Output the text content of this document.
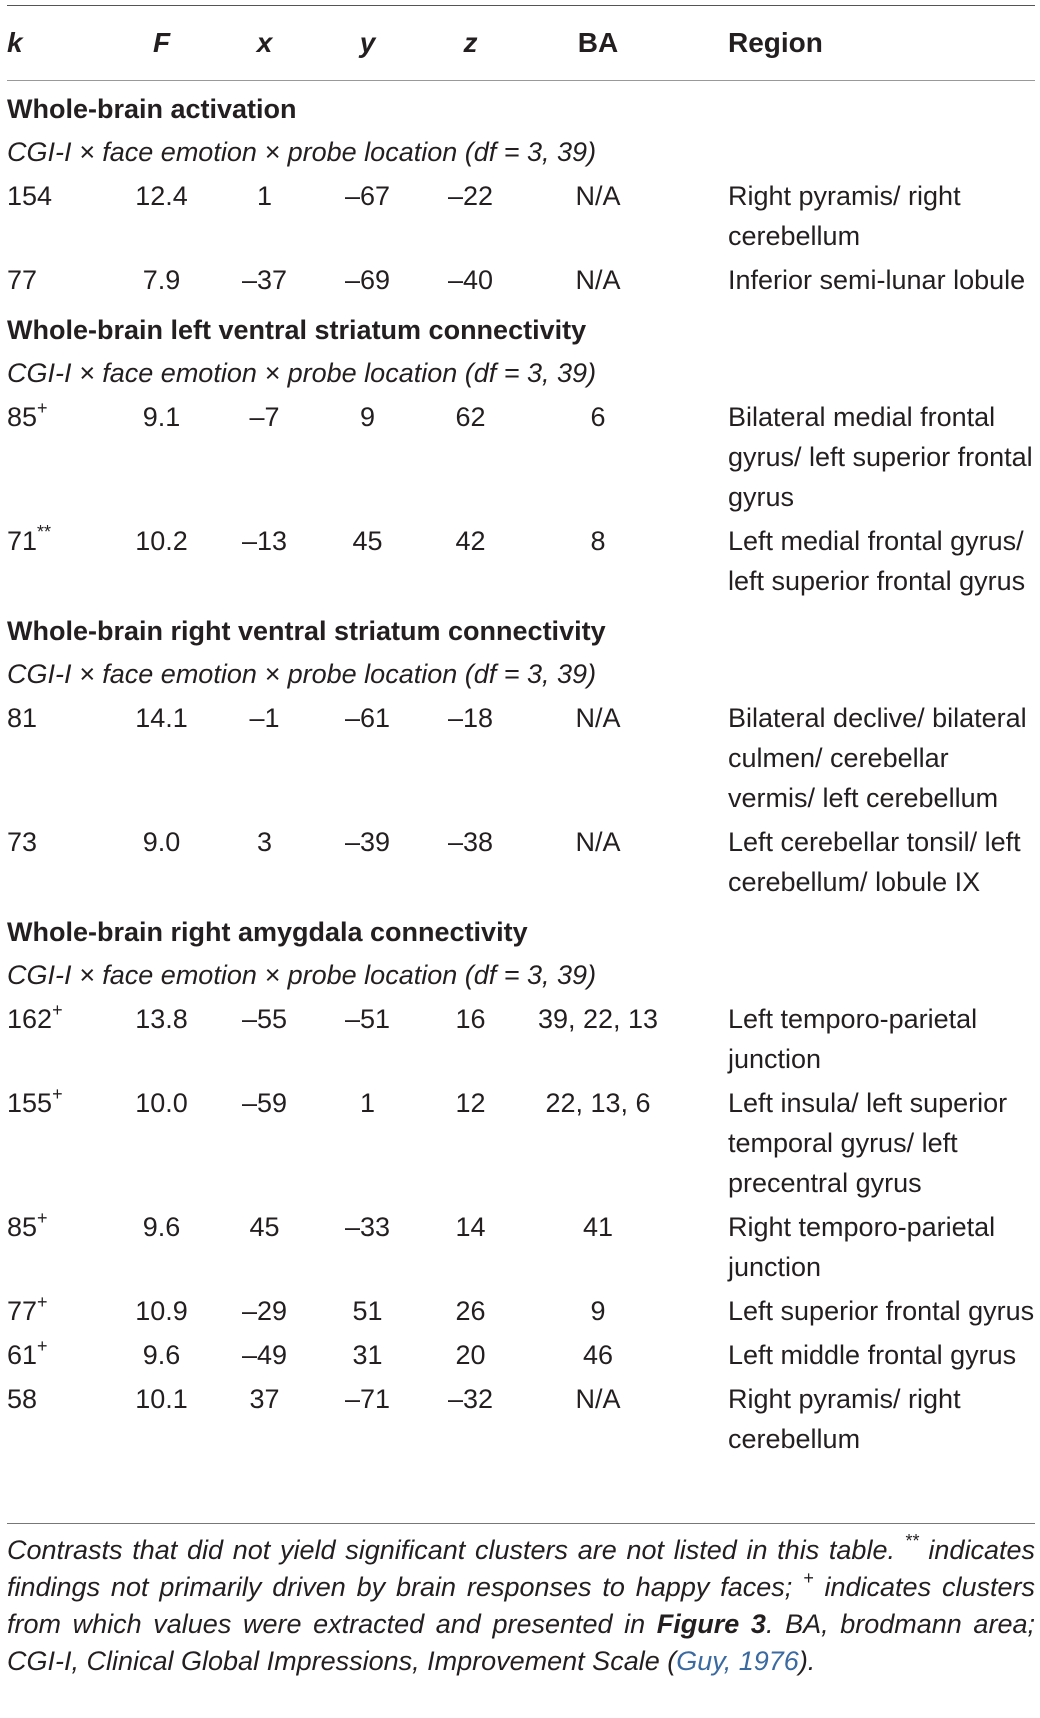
k	F	x	y	z	BA	Region
Whole-brain activation						
CGI-I × face emotion × probe location (df = 3, 39)						
154	12.4	1	–67	–22	N/A	Right pyramis/ right cerebellum
77	7.9	–37	–69	–40	N/A	Inferior semi-lunar lobule
Whole-brain left ventral striatum connectivity						
CGI-I × face emotion × probe location (df = 3, 39)						
85+	9.1	–7	9	62	6	Bilateral medial frontal gyrus/ left superior frontal gyrus
71**	10.2	–13	45	42	8	Left medial frontal gyrus/ left superior frontal gyrus
Whole-brain right ventral striatum connectivity						
CGI-I × face emotion × probe location (df = 3, 39)						
81	14.1	–1	–61	–18	N/A	Bilateral declive/ bilateral culmen/ cerebellar vermis/ left cerebellum
73	9.0	3	–39	–38	N/A	Left cerebellar tonsil/ left cerebellum/ lobule IX
Whole-brain right amygdala connectivity						
CGI-I × face emotion × probe location (df = 3, 39)						
162+	13.8	–55	–51	16	39, 22, 13	Left temporo-parietal junction
155+	10.0	–59	1	12	22, 13, 6	Left insula/ left superior temporal gyrus/ left precentral gyrus
85+	9.6	45	–33	14	41	Right temporo-parietal junction
77+	10.9	–29	51	26	9	Left superior frontal gyrus
61+	9.6	–49	31	20	46	Left middle frontal gyrus
58	10.1	37	–71	–32	N/A	Right pyramis/ right cerebellum
Contrasts that did not yield significant clusters are not listed in this table. ** indicates findings not primarily driven by brain responses to happy faces; + indicates clusters from which values were extracted and presented in Figure 3. BA, brodmann area; CGI-I, Clinical Global Impressions, Improvement Scale (Guy, 1976).
